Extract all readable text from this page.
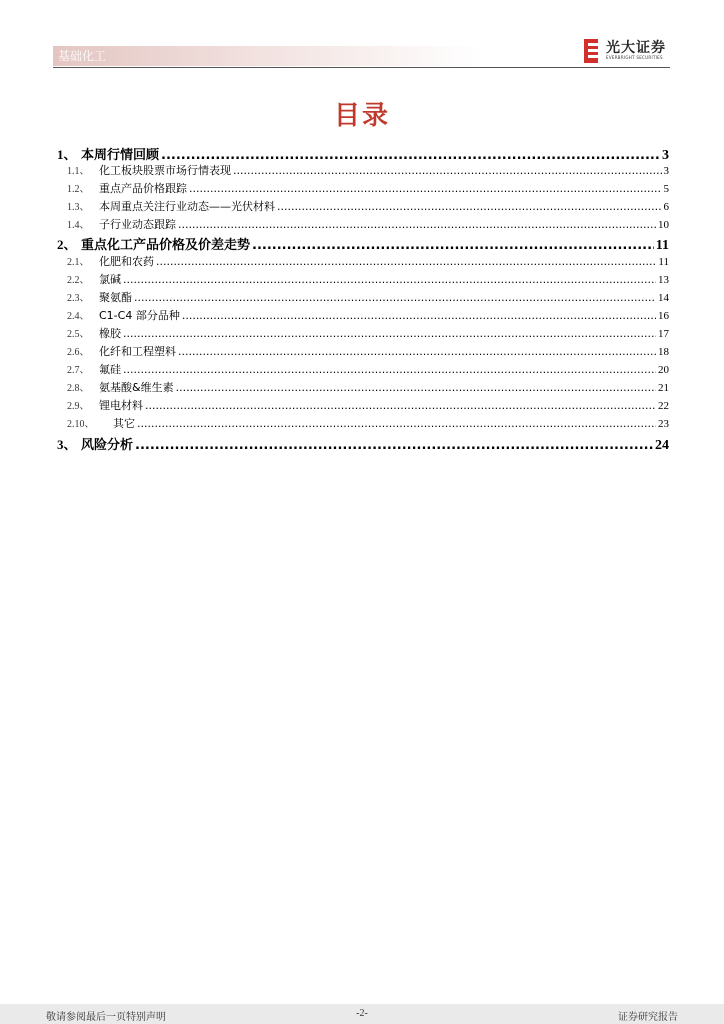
基础化工	光大证券
EVERBRIGHT SECURITIES
目录
1、 本周行情回顾 .....	3
1.1、 化工板块股票市场行情表现 .....	3
1.2、 重点产品价格跟踪 .....	5
1.3、 本周重点关注行业动态——光伏材料 .....	6
1.4、 子行业动态跟踪 .....	10
2、 重点化工产品价格及价差走势 .....	11
2.1、 化肥和农药 .....	11
2.2、 氯碱 .....	13
2.3、 聚氨酯 .....	14
2.4、 C1-C4 部分品种 .....	16
2.5、 橡胶 .....	17
2.6、 化纤和工程塑料 .....	18
2.7、 氟硅 .....	20
2.8、 氨基酸&维生素 .....	21
2.9、 锂电材料 .....	22
2.10、	其它 .....	23
3、 风险分析 .....	24
敬请参阅最后一页特别声明	-2-	证券研究报告
